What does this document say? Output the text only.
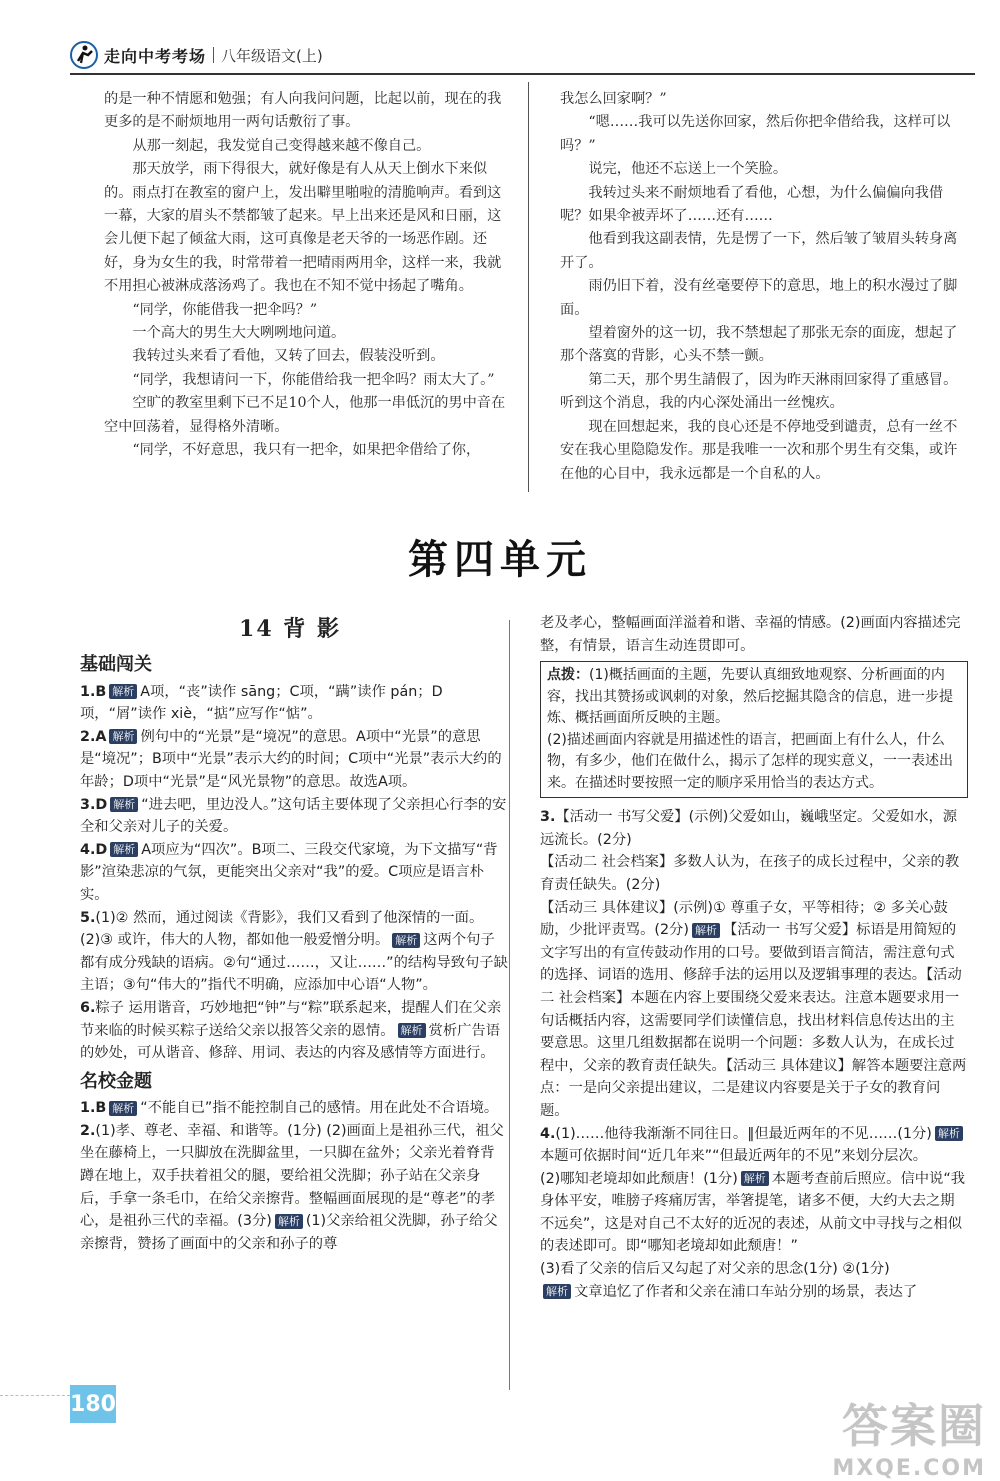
走向中考考场 八年级语文(上)

的是一种不情愿和勉强；有人向我问问题，比起以前，现在的我更多的是不耐烦地用一两句话敷衍了事。

从那一刻起，我发觉自己变得越来越不像自己。

那天放学，雨下得很大，就好像是有人从天上倒水下来似的。雨点打在教室的窗户上，发出噼里啪啦的清脆响声。看到这一幕，大家的眉头不禁都皱了起来。早上出来还是风和日丽，这会儿便下起了倾盆大雨，这可真像是老天爷的一场恶作剧。还好，身为女生的我，时常带着一把晴雨两用伞，这样一来，我就不用担心被淋成落汤鸡了。我也在不知不觉中扬起了嘴角。

“同学，你能借我一把伞吗？”

一个高大的男生大大咧咧地问道。

我转过头来看了看他，又转了回去，假装没听到。

“同学，我想请问一下，你能借给我一把伞吗？雨太大了。”

空旷的教室里剩下已不足10个人，他那一串低沉的男中音在空中回荡着，显得格外清晰。

“同学，不好意思，我只有一把伞，如果把伞借给了你，

我怎么回家啊？”

“嗯……我可以先送你回家，然后你把伞借给我，这样可以吗？”

说完，他还不忘送上一个笑脸。

我转过头来不耐烦地看了看他，心想，为什么偏偏向我借呢？如果伞被弄坏了……还有……

他看到我这副表情，先是愣了一下，然后皱了皱眉头转身离开了。

雨仍旧下着，没有丝毫要停下的意思，地上的积水漫过了脚面。

望着窗外的这一切，我不禁想起了那张无奈的面庞，想起了那个落寞的背影，心头不禁一颤。

第二天，那个男生請假了，因为昨天淋雨回家得了重感冒。听到这个消息，我的内心深处涌出一丝愧疚。

现在回想起来，我的良心还是不停地受到谴责，总有一丝不安在我心里隐隐发作。那是我唯一一次和那个男生有交集，或许在他的心目中，我永远都是一个自私的人。

第四单元
14 背 影
基础闯关

1.B 解析 A项，“丧”读作 sāng；C项，“蹒”读作 pán；D项，“屑”读作 xiè，“掂”应写作“惦”。

2.A 解析 例句中的“光景”是“境况”的意思。A项中“光景”的意思是“境况”；B项中“光景”表示大约的时间；C项中“光景”表示大约的年龄；D项中“光景”是“风光景物”的意思。故选A项。

3.D 解析 “进去吧，里边没人。”这句话主要体现了父亲担心行李的安全和父亲对儿子的关爱。

4.D 解析 A项应为“四次”。B项二、三段交代家境，为下文描写“背影”渲染悲凉的气氛，更能突出父亲对“我”的爱。C项应是语言朴实。

5.(1)② 然而，通过阅读《背影》，我们又看到了他深情的一面。(2)③ 或许，伟大的人物，都如他一般爱憎分明。 解析 这两个句子都有成分残缺的语病。②句“通过……，又让……”的结构导致句子缺主语；③句“伟大的”指代不明确，应添加中心语“人物”。

6.粽子 运用谐音，巧妙地把“钟”与“粽”联系起来，提醒人们在父亲节来临的时候买粽子送给父亲以报答父亲的恩情。 解析 赏析广告语的妙处，可从谐音、修辞、用词、表达的内容及感情等方面进行。

名校金题

1.B 解析 “不能自已”指不能控制自己的感情。用在此处不合语境。

2.(1)孝、尊老、幸福、和谐等。(1分) (2)画面上是祖孙三代，祖父坐在藤椅上，一只脚放在洗脚盆里，一只脚在盆外；父亲光着脊背蹲在地上，双手扶着祖父的腿，要给祖父洗脚；孙子站在父亲身后，手拿一条毛巾，在给父亲擦背。整幅画面展现的是“尊老”的孝心，是祖孙三代的幸福。(3分) 解析 (1)父亲给祖父洗脚，孙子给父亲擦背，赞扬了画面中的父亲和孙子的尊

老及孝心，整幅画面洋溢着和谐、幸福的情感。(2)画面内容描述完整，有情景，语言生动连贯即可。

点拨：(1)概括画面的主题，先要认真细致地观察、分析画面的内容，找出其赞扬或讽刺的对象，然后挖掘其隐含的信息，进一步提炼、概括画面所反映的主题。

(2)描述画面内容就是用描述性的语言，把画面上有什么人，什么物，有多少，他们在做什么，揭示了怎样的现实意义，一一表述出来。在描述时要按照一定的顺序采用恰当的表达方式。

3.【活动一 书写父爱】(示例)父爱如山，巍峨坚定。父爱如水，源远流长。(2分)

【活动二 社会档案】多数人认为，在孩子的成长过程中，父亲的教育责任缺失。(2分)

【活动三 具体建议】(示例)① 尊重子女，平等相待；② 多关心鼓励，少批评责骂。(2分) 解析 【活动一 书写父爱】标语是用简短的文字写出的有宣传鼓动作用的口号。要做到语言简洁，需注意句式的选择、词语的选用、修辞手法的运用以及逻辑事理的表达。【活动二 社会档案】本题在内容上要围绕父爱来表达。注意本题要求用一句话概括内容，这需要同学们读懂信息，找出材料信息传达出的主要意思。这里几组数据都在说明一个问题：多数人认为，在成长过程中，父亲的教育责任缺失。【活动三 具体建议】解答本题要注意两点：一是向父亲提出建议，二是建议内容要是关于子女的教育问题。

4.(1)……他待我渐渐不同往日。‖但最近两年的不见……(1分) 解析本题可依据时间“近几年来”“但最近两年的不见”来划分层次。

(2)哪知老境却如此颓唐！(1分) 解析 本题考查前后照应。信中说“我身体平安，唯膀子疼痛厉害，举箸提笔，诸多不便，大约大去之期不远矣”，这是对自己不太好的近况的表述，从前文中寻找与之相似的表述即可。即“哪知老境却如此颓唐！”

(3)看了父亲的信后又勾起了对父亲的思念(1分) ②(1分)
解析 文章追忆了作者和父亲在浦口车站分别的场景，表达了

180	答案圈
MXQE.COM
